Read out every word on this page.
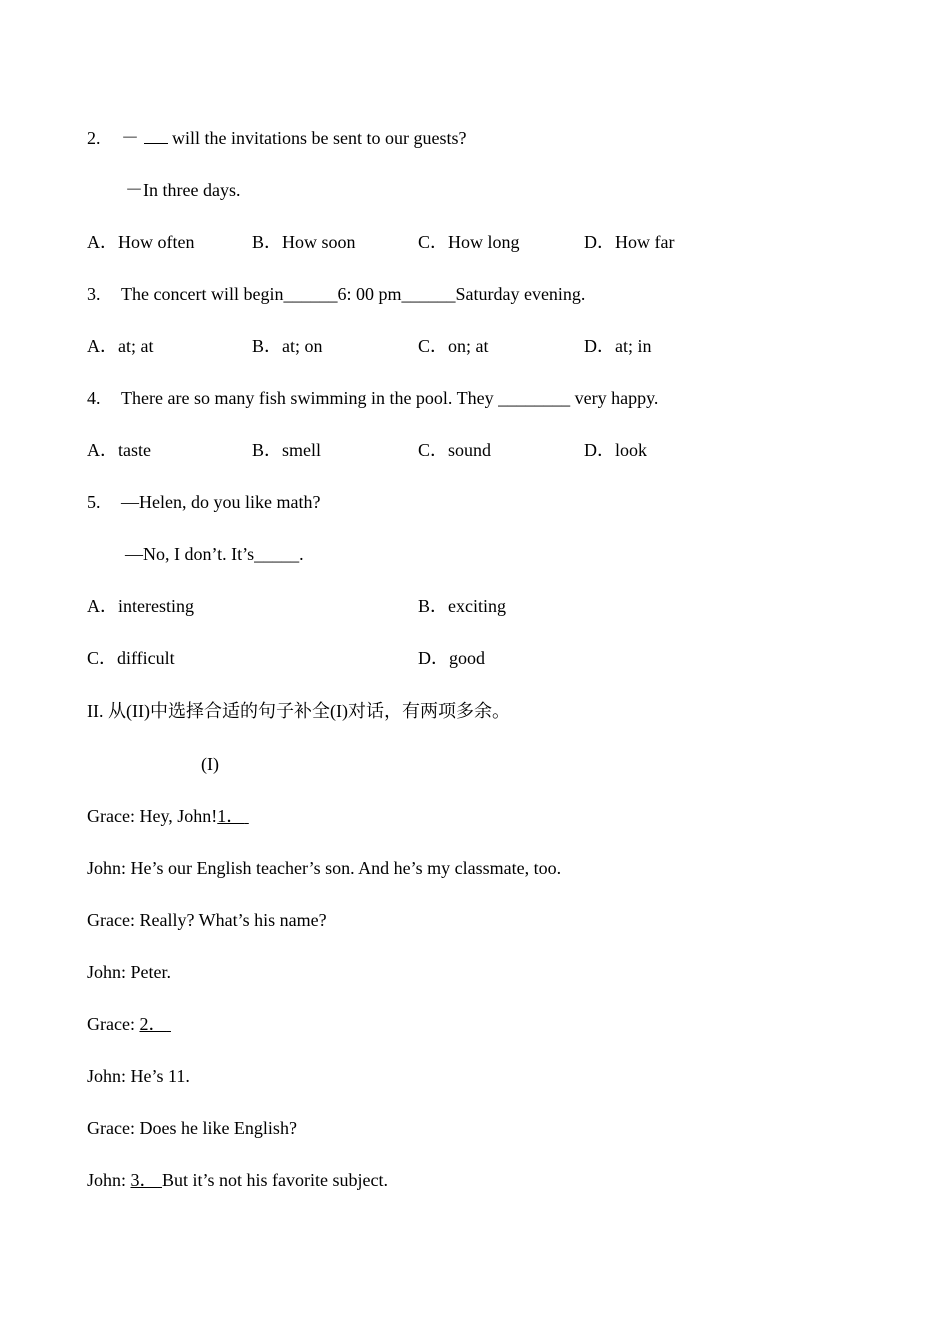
2. －  will the invitations be sent to our guests?
－In three days.
A．How often	B．How soon	C．How long	D．How far
3. The concert will begin______6: 00 pm______Saturday evening.
A．at; at	B．at; on	C．on; at	D．at; in
4. There are so many fish swimming in the pool. They ________ very happy.
A．taste	B．smell	C．sound	D．look
5. —Helen, do you like math?
—No, I don’t. It’s_____.
A．interesting	B．exciting
C．difficult	D．good
II. 从(II)中选择合适的句子补全(I)对话，有两项多余。
(I)
Grace: Hey, John!1．
John: He’s our English teacher’s son. And he’s my classmate, too.
Grace: Really? What’s his name?
John: Peter.
Grace: 2．
John: He’s 11.
Grace: Does he like English?
John: 3． But it’s not his favorite subject.
